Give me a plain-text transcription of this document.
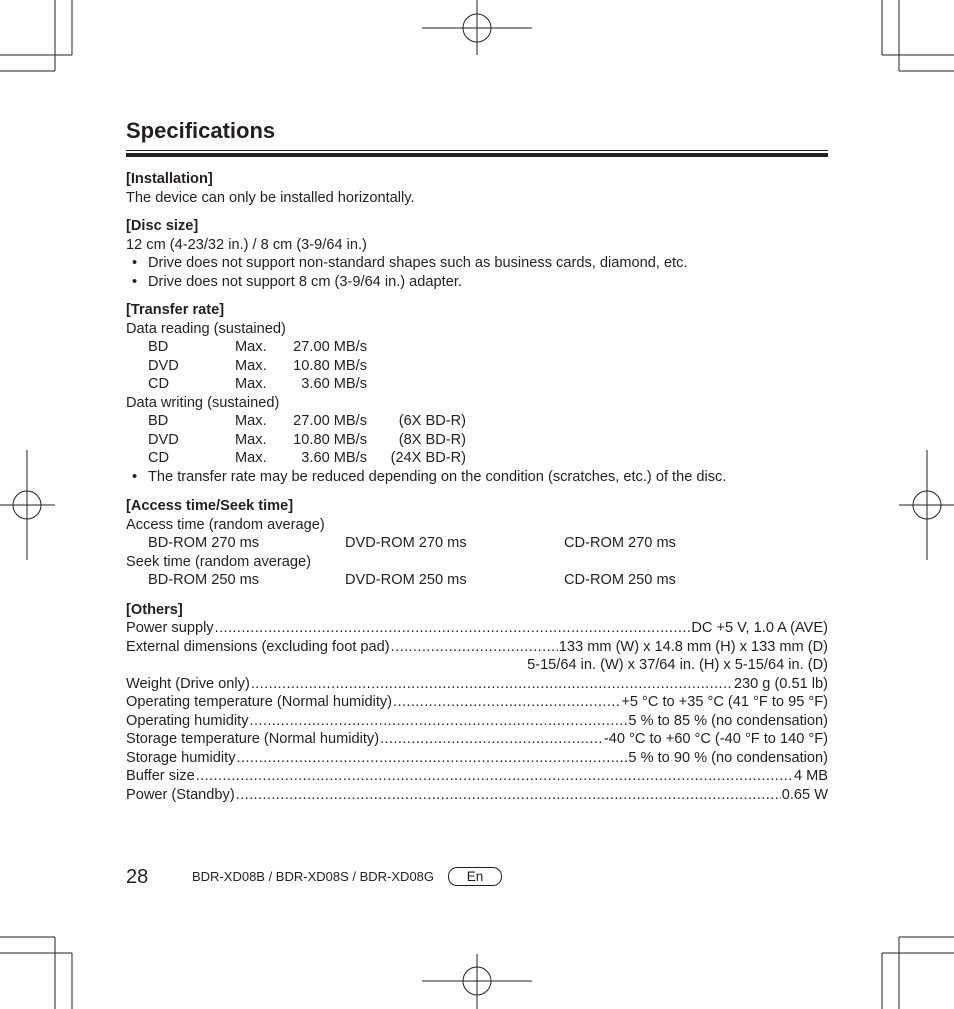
Specifications
[Installation]
The device can only be installed horizontally.
[Disc size]
12 cm (4-23/32 in.) / 8 cm (3-9/64 in.)
• Drive does not support non-standard shapes such as business cards, diamond, etc.
• Drive does not support 8 cm (3-9/64 in.) adapter.
[Transfer rate]
Data reading (sustained)
BD	Max.	27.00 MB/s
DVD	Max.	10.80 MB/s
CD	Max.	3.60 MB/s
Data writing (sustained)
BD	Max.	27.00 MB/s	(6X BD-R)
DVD	Max.	10.80 MB/s	(8X BD-R)
CD	Max.	3.60 MB/s	(24X BD-R)
• The transfer rate may be reduced depending on the condition (scratches, etc.) of the disc.
[Access time/Seek time]
Access time (random average)
BD-ROM 270 ms	DVD-ROM 270 ms	CD-ROM 270 ms
Seek time (random average)
BD-ROM 250 ms	DVD-ROM 250 ms	CD-ROM 250 ms
[Others]
Power supply .....	DC +5 V, 1.0 A (AVE)
External dimensions (excluding foot pad) .....	133 mm (W) x 14.8 mm (H) x 133 mm (D)
5-15/64 in. (W) x 37/64 in. (H) x 5-15/64 in. (D)
Weight (Drive only) .....	230 g (0.51 lb)
Operating temperature (Normal humidity) .....	+5 °C to +35 °C (41 °F to 95 °F)
Operating humidity .....	5 % to 85 % (no condensation)
Storage temperature (Normal humidity) .....	-40 °C to +60 °C (-40 °F to 140 °F)
Storage humidity .....	5 % to 90 % (no condensation)
Buffer size .....	4 MB
Power (Standby) .....	0.65 W
28	BDR-XD08B / BDR-XD08S / BDR-XD08G	En
